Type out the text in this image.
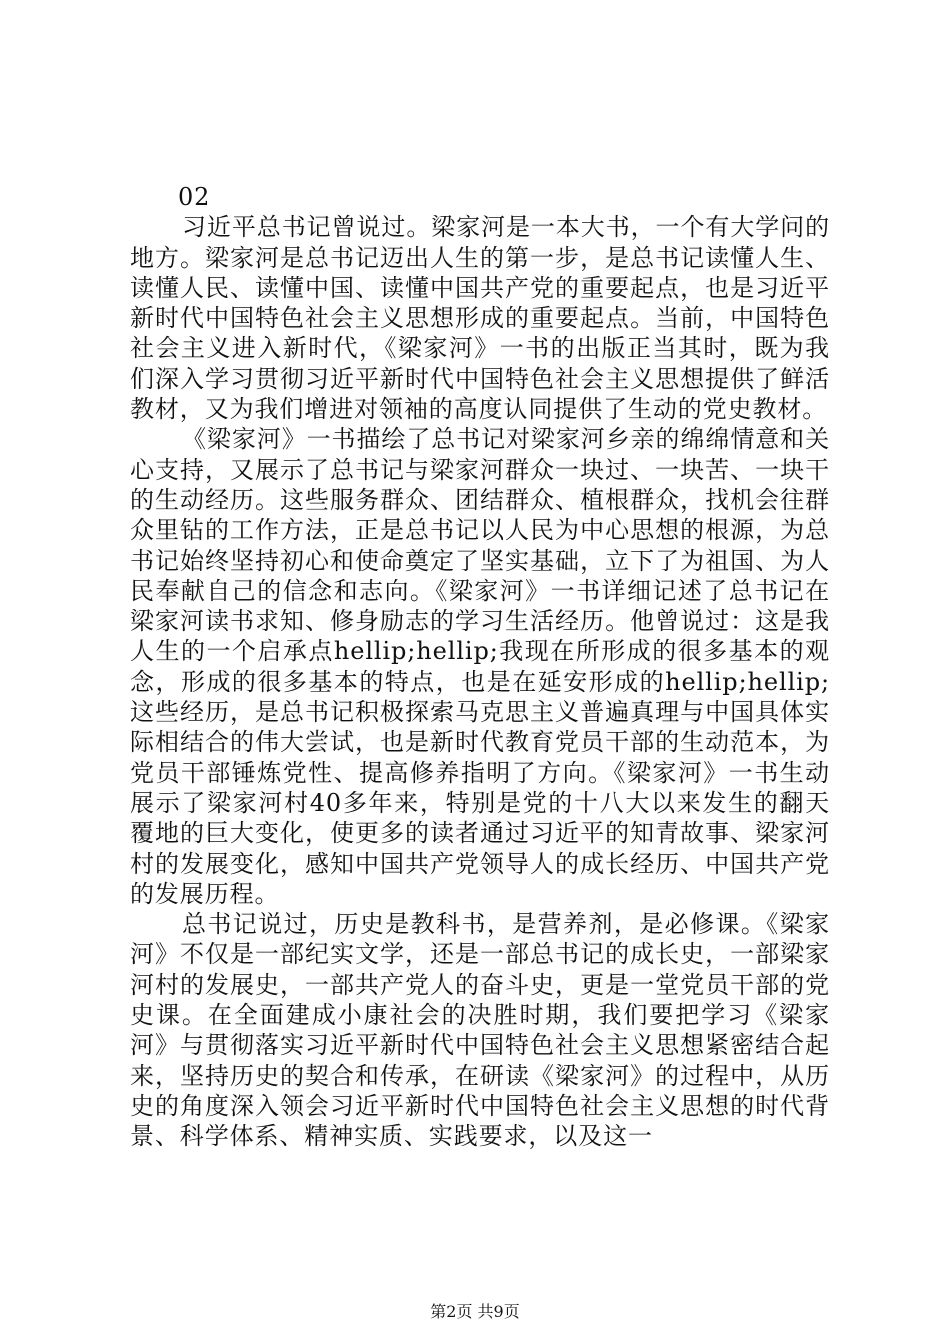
02

习近平总书记曾说过。梁家河是一本大书，一个有大学问的地方。梁家河是总书记迈出人生的第一步，是总书记读懂人生、读懂人民、读懂中国、读懂中国共产党的重要起点，也是习近平新时代中国特色社会主义思想形成的重要起点。当前，中国特色社会主义进入新时代，《梁家河》一书的出版正当其时，既为我们深入学习贯彻习近平新时代中国特色社会主义思想提供了鲜活教材，又为我们增进对领袖的高度认同提供了生动的党史教材。

《梁家河》一书描绘了总书记对梁家河乡亲的绵绵情意和关心支持，又展示了总书记与梁家河群众一块过、一块苦、一块干的生动经历。这些服务群众、团结群众、植根群众，找机会往群众里钻的工作方法，正是总书记以人民为中心思想的根源，为总书记始终坚持初心和使命奠定了坚实基础，立下了为祖国、为人民奉献自己的信念和志向。《梁家河》一书详细记述了总书记在梁家河读书求知、修身励志的学习生活经历。他曾说过：这是我人生的一个启承点hellip;hellip;我现在所形成的很多基本的观念，形成的很多基本的特点，也是在延安形成的hellip;hellip;这些经历，是总书记积极探索马克思主义普遍真理与中国具体实际相结合的伟大尝试，也是新时代教育党员干部的生动范本，为党员干部锤炼党性、提高修养指明了方向。《梁家河》一书生动展示了梁家河村40多年来，特别是党的十八大以来发生的翻天覆地的巨大变化，使更多的读者通过习近平的知青故事、梁家河村的发展变化，感知中国共产党领导人的成长经历、中国共产党的发展历程。

总书记说过，历史是教科书，是营养剂，是必修课。《梁家河》不仅是一部纪实文学，还是一部总书记的成长史，一部梁家河村的发展史，一部共产党人的奋斗史，更是一堂党员干部的党史课。在全面建成小康社会的决胜时期，我们要把学习《梁家河》与贯彻落实习近平新时代中国特色社会主义思想紧密结合起来，坚持历史的契合和传承，在研读《梁家河》的过程中，从历史的角度深入领会习近平新时代中国特色社会主义思想的时代背景、科学体系、精神实质、实践要求，以及这一

第2页 共9页
